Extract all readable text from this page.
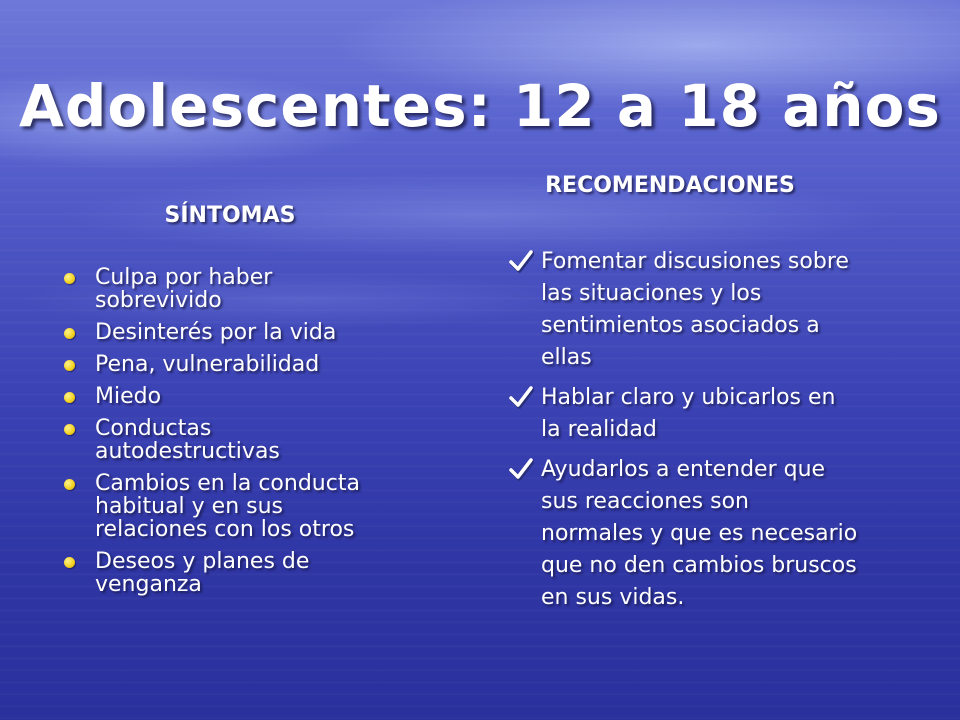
Adolescentes: 12 a 18 años
SÍNTOMAS
RECOMENDACIONES
Culpa por haber sobrevivido
Desinterés por la vida
Pena, vulnerabilidad
Miedo
Conductas autodestructivas
Cambios en la conducta habitual y en sus relaciones con los otros
Deseos y planes de venganza
Fomentar discusiones sobre las situaciones y los sentimientos asociados a ellas
Hablar claro y ubicarlos en la realidad
Ayudarlos a entender que sus reacciones son normales y que es necesario que no den cambios bruscos en sus vidas.
